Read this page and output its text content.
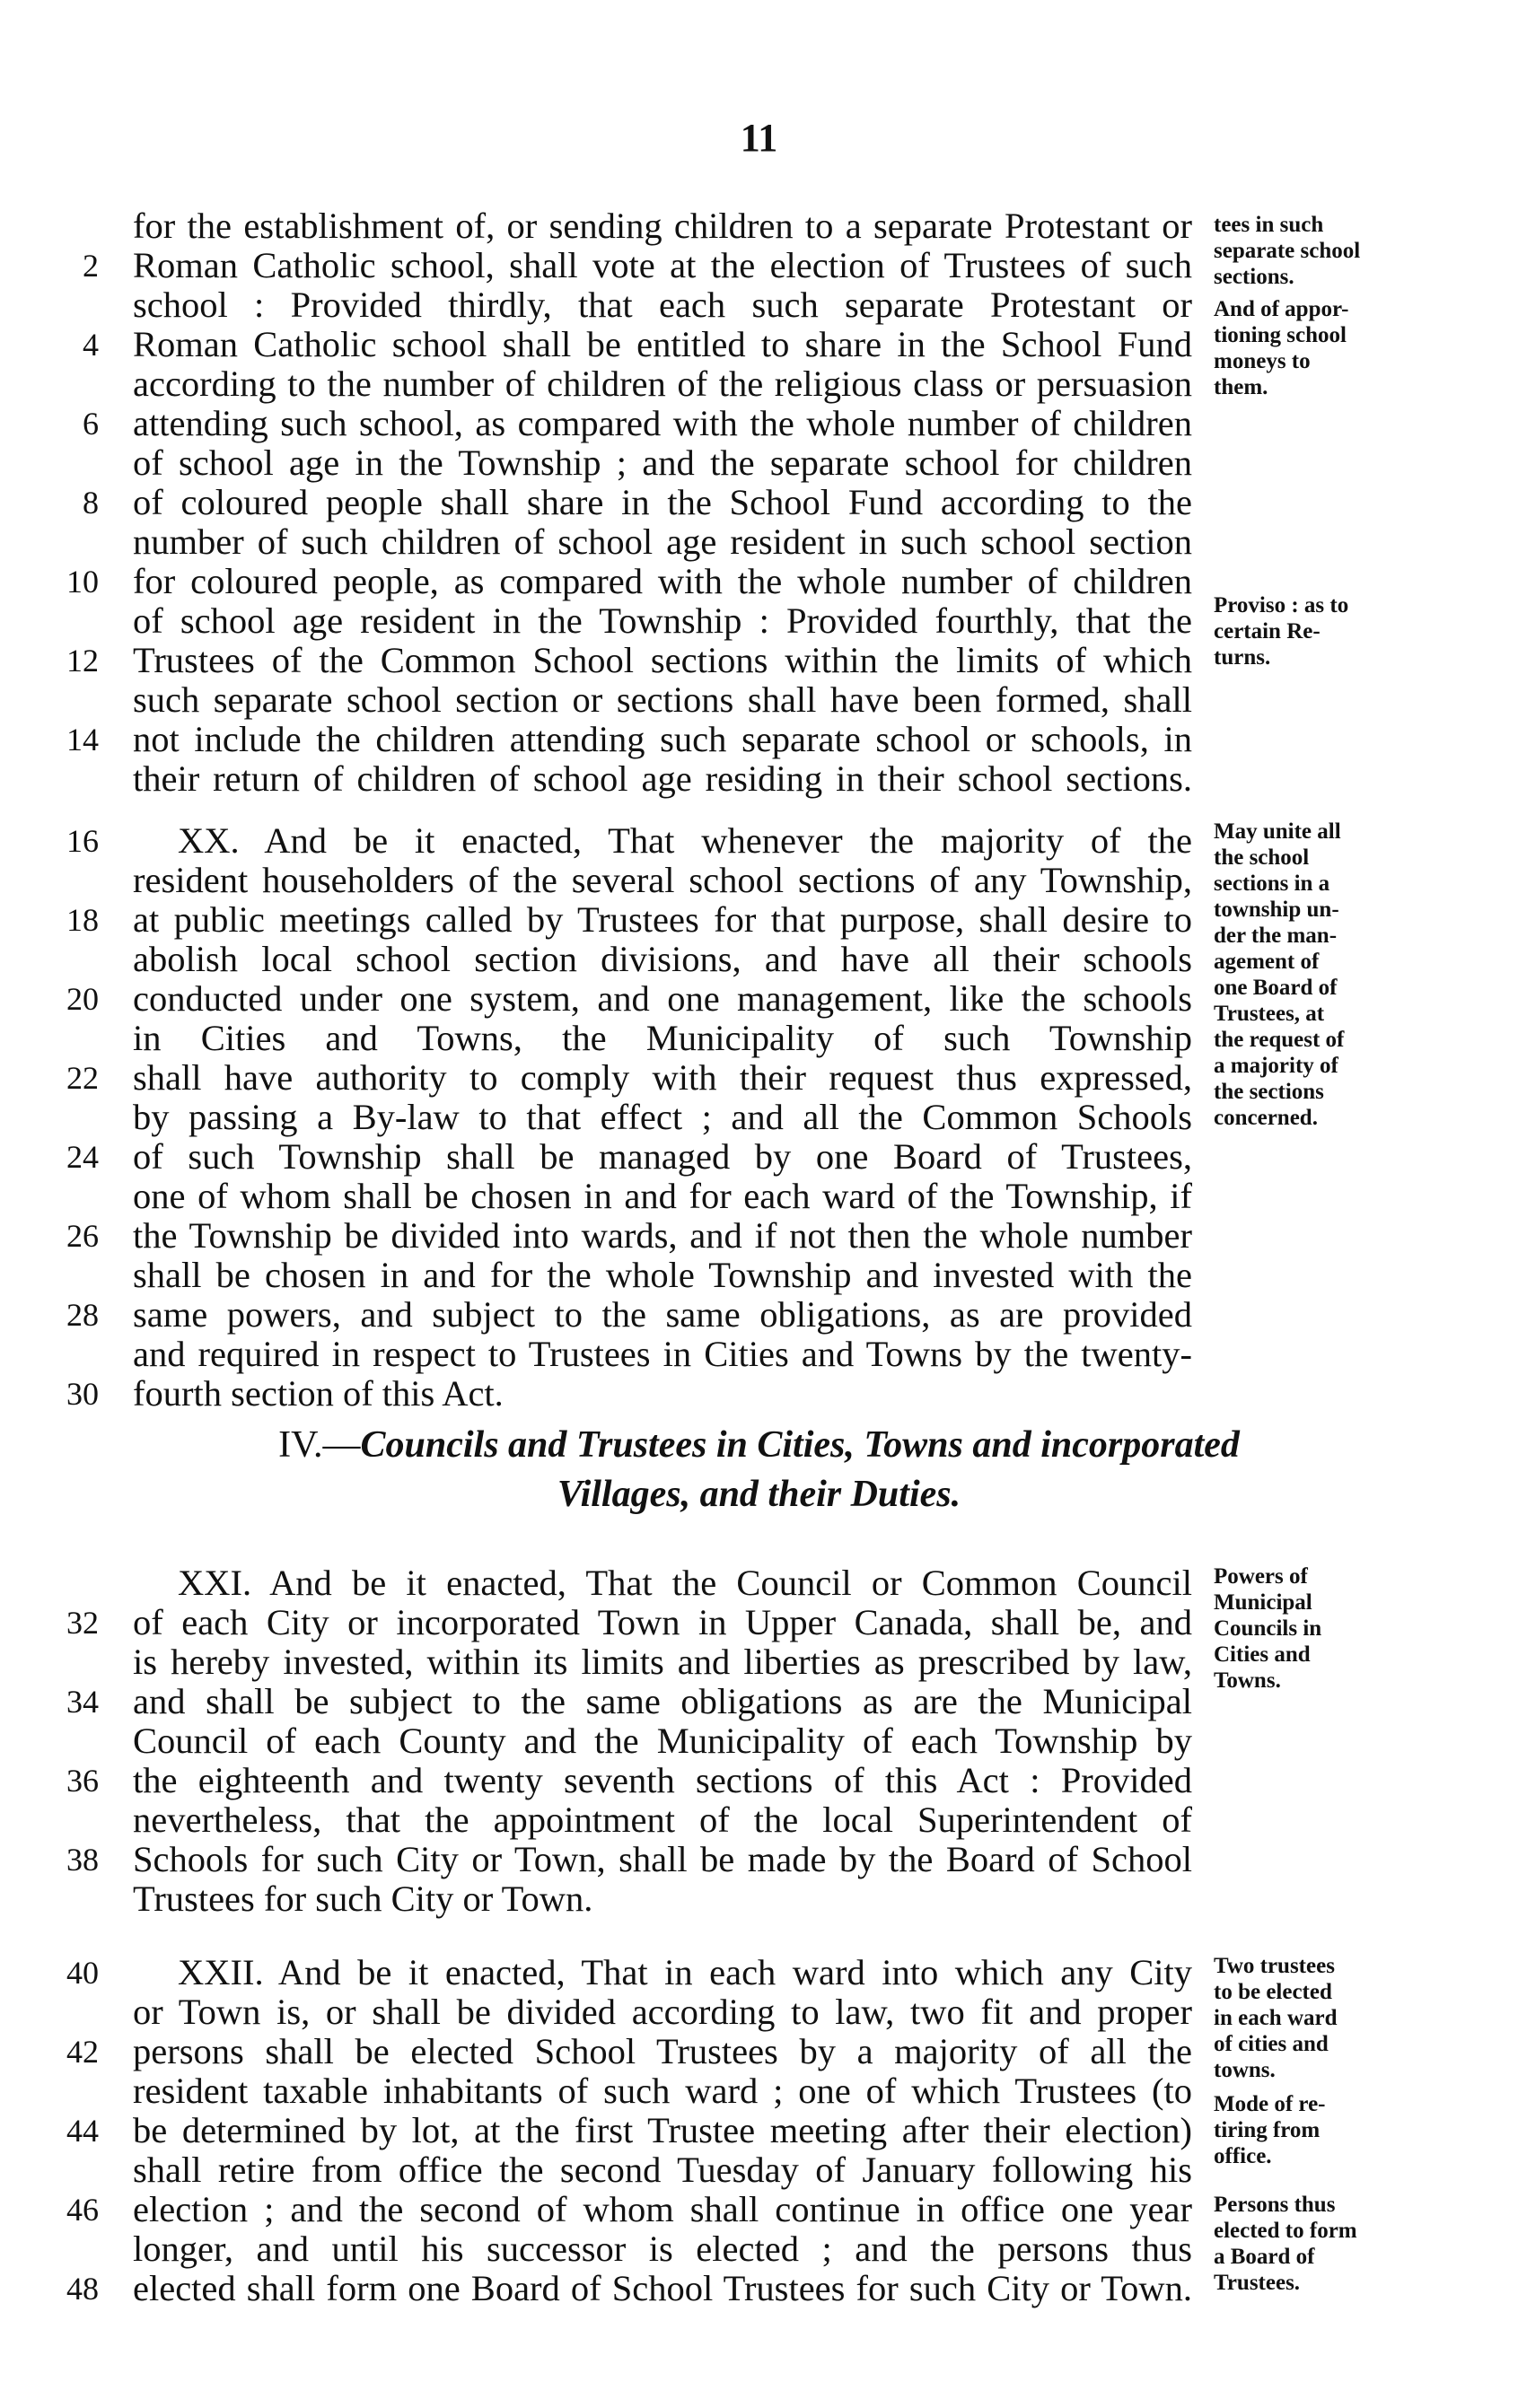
11
for the establishment of, or sending children to a separate Protestant or
2 Roman Catholic school, shall vote at the election of Trustees of such
school : Provided thirdly, that each such separate Protestant or
4 Roman Catholic school shall be entitled to share in the School Fund
according to the number of children of the religious class or persuasion
6 attending such school, as compared with the whole number of children
of school age in the Township ; and the separate school for children
8 of coloured people shall share in the School Fund according to the
number of such children of school age resident in such school section
10 for coloured people, as compared with the whole number of children
of school age resident in the Township : Provided fourthly, that the
12 Trustees of the Common School sections within the limits of which
such separate school section or sections shall have been formed, shall
14 not include the children attending such separate school or schools, in
their return of children of school age residing in their school sections.
16 XX. And be it enacted, That whenever the majority of the
resident householders of the several school sections of any Township,
18 at public meetings called by Trustees for that purpose, shall desire to
abolish local school section divisions, and have all their schools
20 conducted under one system, and one management, like the schools
in Cities and Towns, the Municipality of such Township
22 shall have authority to comply with their request thus expressed,
by passing a By-law to that effect ; and all the Common Schools
24 of such Township shall be managed by one Board of Trustees,
one of whom shall be chosen in and for each ward of the Township, if
26 the Township be divided into wards, and if not then the whole number
shall be chosen in and for the whole Township and invested with the
28 same powers, and subject to the same obligations, as are provided
and required in respect to Trustees in Cities and Towns by the twenty-
30 fourth section of this Act.
IV.—Councils and Trustees in Cities, Towns and incorporated
Villages, and their Duties.
XXI. And be it enacted, That the Council or Common Council
32 of each City or incorporated Town in Upper Canada, shall be, and
is hereby invested, within its limits and liberties as prescribed by law,
34 and shall be subject to the same obligations as are the Municipal
Council of each County and the Municipality of each Township by
36 the eighteenth and twenty seventh sections of this Act : Provided
nevertheless, that the appointment of the local Superintendent of
38 Schools for such City or Town, shall be made by the Board of School
Trustees for such City or Town.
40 XXII. And be it enacted, That in each ward into which any City
or Town is, or shall be divided according to law, two fit and proper
42 persons shall be elected School Trustees by a majority of all the
resident taxable inhabitants of such ward ; one of which Trustees (to
44 be determined by lot, at the first Trustee meeting after their election)
shall retire from office the second Tuesday of January following his
46 election ; and the second of whom shall continue in office one year
longer, and until his successor is elected ; and the persons thus
48 elected shall form one Board of School Trustees for such City or Town.
tees in such
separate school
sections.
And of appor-
tioning school
moneys to
them.
Proviso : as to
certain Re-
turns.
May unite all
the school
sections in a
township un-
der the man-
agement of
one Board of
Trustees, at
the request of
a majority of
the sections
concerned.
Powers of
Municipal
Councils in
Cities and
Towns.
Two trustees
to be elected
in each ward
of cities and
towns.
Mode of re-
tiring from
office.
Persons thus
elected to form
a Board of
Trustees.
